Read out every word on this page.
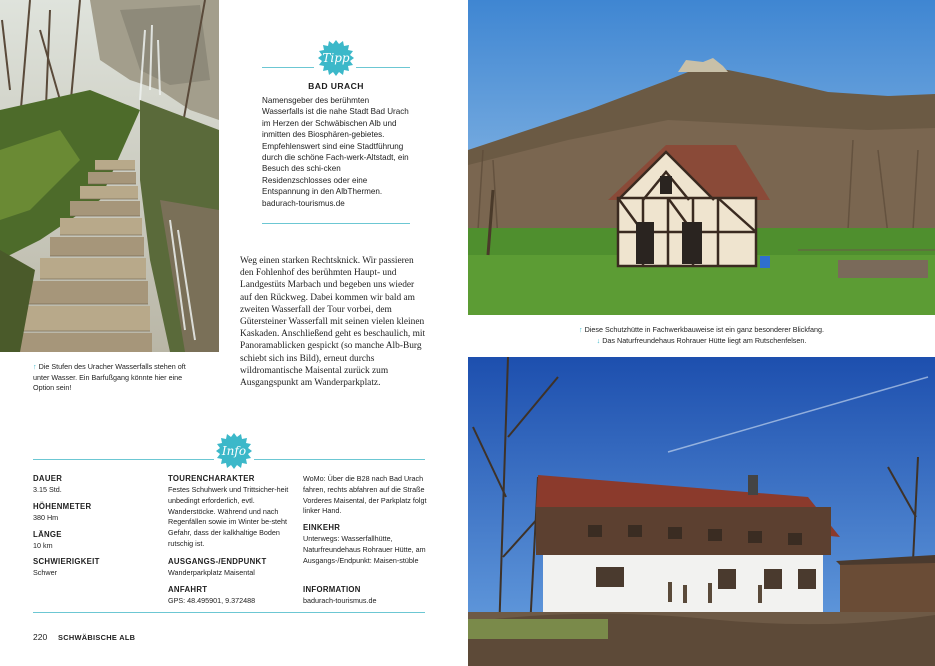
↑ Die Stufen des Uracher Wasserfalls stehen oft unter Wasser. Ein Barfußgang könnte hier eine Option sein!
Tipp
BAD URACH
Namensgeber des berühmten Wasserfalls ist die nahe Stadt Bad Urach im Herzen der Schwäbischen Alb und inmitten des Biosphären-gebietes. Empfehlenswert sind eine Stadtführung durch die schöne Fach-werk-Altstadt, ein Besuch des schi-cken Residenzschlosses oder eine Entspannung in den AlbThermen. badurach-tourismus.de
Weg einen starken Rechtsknick. Wir passieren den Fohlenhof des berühmten Haupt- und Landgestüts Marbach und begeben uns wieder auf den Rückweg. Dabei kommen wir bald am zweiten Wasserfall der Tour vorbei, dem Gütersteiner Wasserfall mit seinen vielen kleinen Kaskaden. Anschließend geht es beschaulich, mit Panoramablicken gespickt (so manche Alb-Burg schiebt sich ins Bild), erneut durchs wildromantische Maisental zurück zum Ausgangspunkt am Wanderparkplatz.
↑ Diese Schutzhütte in Fachwerkbauweise ist ein ganz besonderer Blickfang.
↓ Das Naturfreundehaus Rohrauer Hütte liegt am Rutschenfelsen.
Info
DAUER
3.15 Std.
HÖHENMETER
380 Hm
LÄNGE
10 km
SCHWIERIGKEIT
Schwer
TOURENCHARAKTER
Festes Schuhwerk und Trittsicher-heit unbedingt erforderlich, evtl. Wanderstöcke. Während und nach Regenfällen sowie im Winter be-steht Gefahr, dass der kalkhaltige Boden rutschig ist.
AUSGANGS-/ENDPUNKT
Wanderparkplatz Maisental
ANFAHRT
GPS: 48.495901, 9.372488
WoMo: Über die B28 nach Bad Urach fahren, rechts abfahren auf die Straße Vorderes Maisental, der Parkplatz folgt linker Hand.
EINKEHR
Unterwegs: Wasserfallhütte, Naturfreundehaus Rohrauer Hütte, am Ausgangs-/Endpunkt: Maisen-stüble
INFORMATION
badurach-tourismus.de
220 SCHWÄBISCHE ALB
